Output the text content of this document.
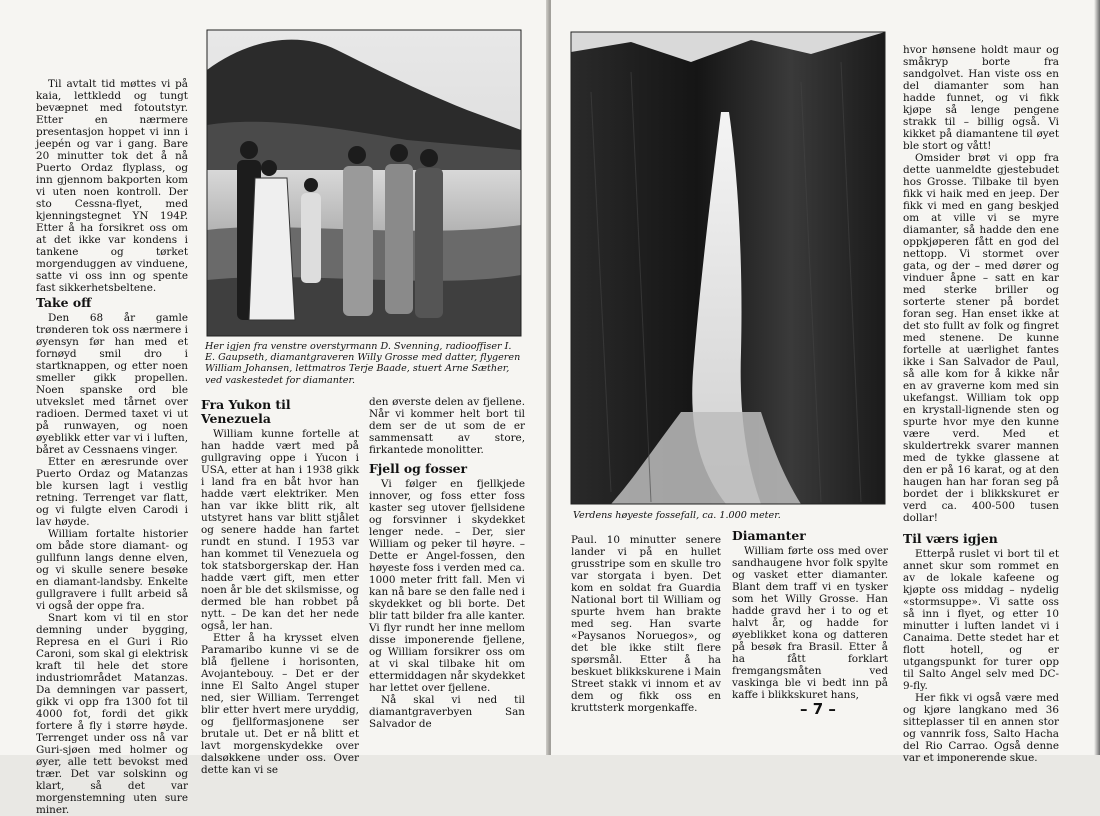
Til avtalt tid møttes vi på kaia, lettkledd og tungt bevæpnet med fotoutstyr. Etter en nærmere presentasjon hoppet vi inn i jeepén og var i gang. Bare 20 minutter tok det å nå Puerto Ordaz flyplass, og inn gjennom bakporten kom vi uten noen kontroll. Der sto Cessna-flyet, med kjenningstegnet YN 194P. Etter å ha forsikret oss om at det ikke var kondens i tankene og tørket morgenduggen av vinduene, satte vi oss inn og spente fast sikkerhetsbeltene.

Take off

Den 68 år gamle trønderen tok oss nærmere i øyensyn før han med et fornøyd smil dro i startknappen, og etter noen smeller gikk propellen. Noen spanske ord ble utvekslet med tårnet over radioen. Dermed taxet vi ut på runwayen, og noen øyeblikk etter var vi i luften, båret av Cessnaens vinger.

Etter en æresrunde over Puerto Ordaz og Matanzas ble kursen lagt i vestlig retning. Terrenget var flatt, og vi fulgte elven Carodi i lav høyde.

William fortalte historier om både store diamant- og gullfunn langs denne elven, og vi skulle senere besøke en diamant-landsby. Enkelte gullgravere i fullt arbeid så vi også der oppe fra.

Snart kom vi til en stor demning under bygging, Represa en el Guri i Rio Caroni, som skal gi elektrisk kraft til hele det store industriområdet Matanzas. Da demningen var passert, gikk vi opp fra 1300 fot til 4000 fot, fordi det gikk fortere å fly i større høyde. Terrenget under oss nå var Guri-sjøen med holmer og øyer, alle tett bevokst med trær. Det var solskinn og klart, så det var morgenstemning uten sure miner.

Her igjen fra venstre overstyrmann D. Svenning, radiooffiser I. E. Gaupseth, diamantgraveren Willy Grosse med datter, flygeren William Johansen, lettmatros Terje Baade, stuert Arne Sæther, ved vaskestedet for diamanter.
Fra Yukon til Venezuela

William kunne fortelle at han hadde vært med på gullgraving oppe i Yucon i USA, etter at han i 1938 gikk i land fra en båt hvor han hadde vært elektriker. Men han var ikke blitt rik, alt utstyret hans var blitt stjålet og senere hadde han fartet rundt en stund. I 1953 var han kommet til Venezuela og tok statsborgerskap der. Han hadde vært gift, men etter noen år ble det skilsmisse, og dermed ble han robbet på nytt. – De kan det her nede også, ler han.

Etter å ha krysset elven Paramaribo kunne vi se de blå fjellene i horisonten, Avojantebouy. – Det er der inne El Salto Angel stuper ned, sier William. Terrenget blir etter hvert mere uryddig, og fjellformasjonene ser brutale ut. Det er nå blitt et lavt morgenskydekke over dalsøkkene under oss. Over dette kan vi se

den øverste delen av fjellene. Når vi kommer helt bort til dem ser de ut som de er sammensatt av store, firkantede monolitter.

Fjell og fosser

Vi følger en fjellkjede innover, og foss etter foss kaster seg utover fjellsidene og forsvinner i skydekket lenger nede. – Der, sier William og peker til høyre. – Dette er Angel-fossen, den høyeste foss i verden med ca. 1000 meter fritt fall. Men vi kan nå bare se den falle ned i skydekket og bli borte. Det blir tatt bilder fra alle kanter. Vi flyr rundt her inne mellom disse imponerende fjellene, og William forsikrer oss om at vi skal tilbake hit om ettermiddagen når skydekket har lettet over fjellene.

Nå skal vi ned til diamantgraverbyen San Salvador de

Verdens høyeste fossefall, ca. 1.000 meter.

Paul. 10 minutter senere lander vi på en hullet grusstripe som en skulle tro var storgata i byen. Det kom en soldat fra Guardia National bort til William og spurte hvem han brakte med seg. Han svarte «Paysanos Noruegos», og det ble ikke stilt flere spørsmål. Etter å ha beskuet blikkskurene i Main Street stakk vi innom et av dem og fikk oss en kruttsterk morgenkaffe.

Diamanter

William førte oss med over sandhaugene hvor folk spylte og vasket etter diamanter. Blant dem traff vi en tysker som het Willy Grosse. Han hadde gravd her i to og et halvt år, og hadde for øyeblikket kona og datteren på besøk fra Brasil. Etter å ha fått forklart fremgangsmåten ved vaskinga ble vi bedt inn på kaffe i blikkskuret hans,

hvor hønsene holdt maur og småkryp borte fra sandgolvet. Han viste oss en del diamanter som han hadde funnet, og vi fikk kjøpe så lenge pengene strakk til – billig også. Vi kikket på diamantene til øyet ble stort og vått!

Omsider brøt vi opp fra dette uanmeldte gjestebudet hos Grosse. Tilbake til byen fikk vi haik med en jeep. Der fikk vi med en gang beskjed om at ville vi se myre diamanter, så hadde den ene oppkjøperen fått en god del nettopp. Vi stormet over gata, og der – med dører og vinduer åpne – satt en kar med sterke briller og sorterte stener på bordet foran seg. Han enset ikke at det sto fullt av folk og fingret med stenene. De kunne fortelle at uærlighet fantes ikke i San Salvador de Paul, så alle kom for å kikke når en av graverne kom med sin ukefangst. William tok opp en krystall-lignende sten og spurte hvor mye den kunne være verd. Med et skuldertrekk svarer mannen med de tykke glassene at den er på 16 karat, og at den haugen han har foran seg på bordet der i blikkskuret er verd ca. 400-500 tusen dollar!

Til værs igjen

Etterpå ruslet vi bort til et annet skur som rommet en av de lokale kafeene og kjøpte oss middag – nydelig «stormsuppe». Vi satte oss så inn i flyet, og etter 10 minutter i luften landet vi i Canaima. Dette stedet har et flott hotell, og er utgangspunkt for turer opp til Salto Angel selv med DC-9-fly.

Her fikk vi også være med og kjøre langkano med 36 sitteplasser til en annen stor og vannrik foss, Salto Hacha del Rio Carrao. Også denne var et imponerende skue.

– 7 –
